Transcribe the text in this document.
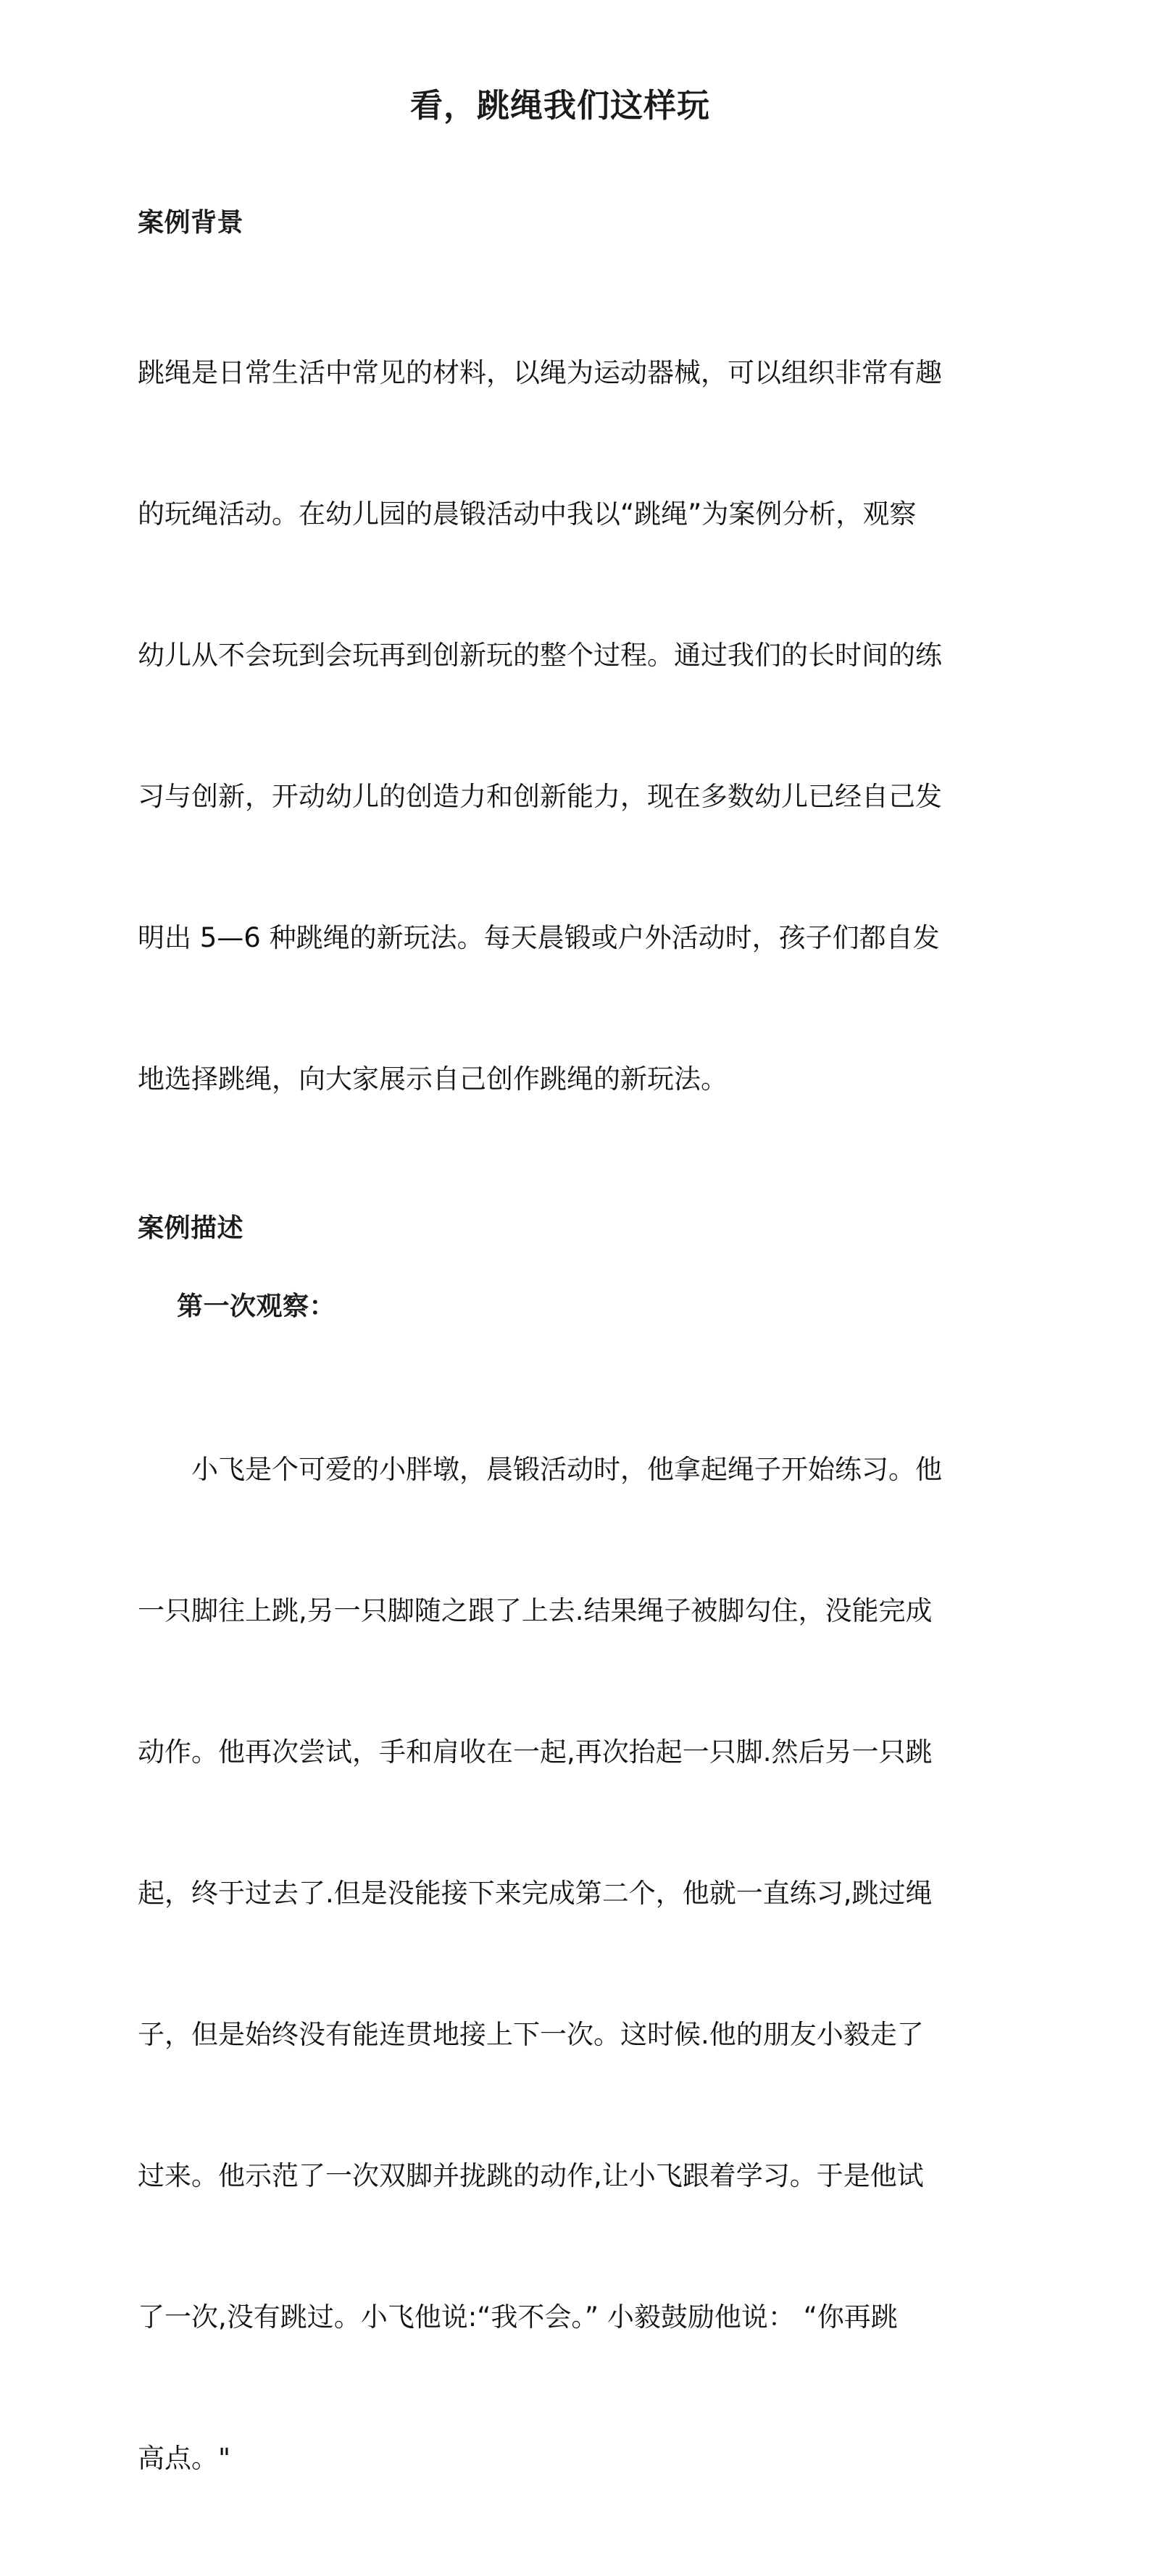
看，跳绳我们这样玩
案例背景

跳绳是日常生活中常见的材料，以绳为运动器械，可以组织非常有趣

的玩绳活动。在幼儿园的晨锻活动中我以“跳绳”为案例分析，观察

幼儿从不会玩到会玩再到创新玩的整个过程。通过我们的长时间的练

习与创新，开动幼儿的创造力和创新能力，现在多数幼儿已经自己发

明出 5—6 种跳绳的新玩法。每天晨锻或户外活动时，孩子们都自发

地选择跳绳，向大家展示自己创作跳绳的新玩法。

案例描述
第一次观察：

　　小飞是个可爱的小胖墩，晨锻活动时，他拿起绳子开始练习。他

一只脚往上跳,另一只脚随之跟了上去.结果绳子被脚勾住，没能完成

动作。他再次尝试，手和肩收在一起,再次抬起一只脚.然后另一只跳

起，终于过去了.但是没能接下来完成第二个，他就一直练习,跳过绳

子，但是始终没有能连贯地接上下一次。这时候.他的朋友小毅走了

过来。他示范了一次双脚并拢跳的动作,让小飞跟着学习。于是他试

了一次,没有跳过。小飞他说:“我不会。” 小毅鼓励他说： “你再跳

高点。"
